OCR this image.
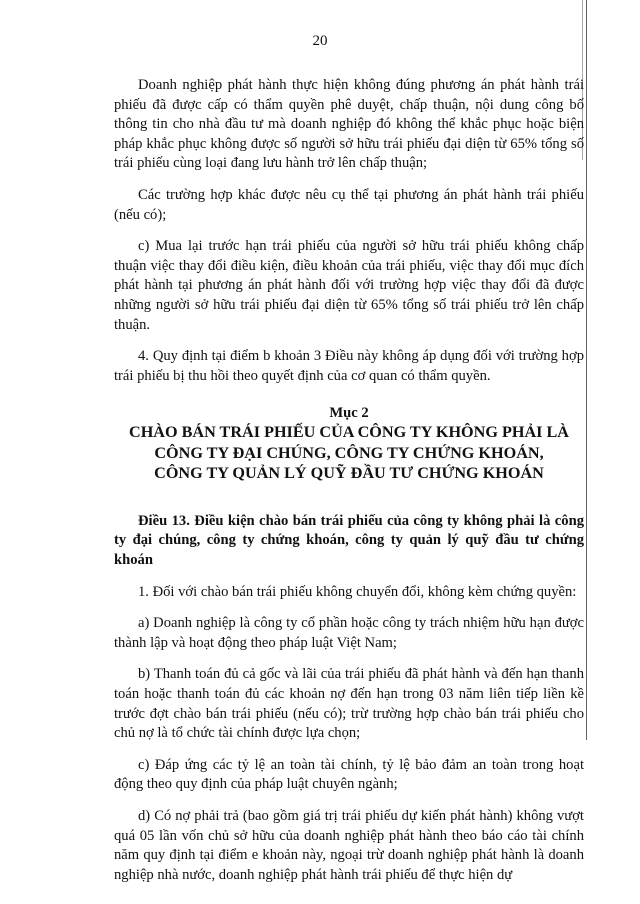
20

Doanh nghiệp phát hành thực hiện không đúng phương án phát hành trái phiếu đã được cấp có thẩm quyền phê duyệt, chấp thuận, nội dung công bố thông tin cho nhà đầu tư mà doanh nghiệp đó không thể khắc phục hoặc biện pháp khắc phục không được số người sở hữu trái phiếu đại diện từ 65% tổng số trái phiếu cùng loại đang lưu hành trở lên chấp thuận;

Các trường hợp khác được nêu cụ thể tại phương án phát hành trái phiếu (nếu có);

c) Mua lại trước hạn trái phiếu của người sở hữu trái phiếu không chấp thuận việc thay đổi điều kiện, điều khoản của trái phiếu, việc thay đổi mục đích phát hành tại phương án phát hành đối với trường hợp việc thay đổi đã được những người sở hữu trái phiếu đại diện từ 65% tổng số trái phiếu trở lên chấp thuận.

4. Quy định tại điểm b khoản 3 Điều này không áp dụng đối với trường hợp trái phiếu bị thu hồi theo quyết định của cơ quan có thẩm quyền.

Mục 2
CHÀO BÁN TRÁI PHIẾU CỦA CÔNG TY KHÔNG PHẢI LÀ
CÔNG TY ĐẠI CHÚNG, CÔNG TY CHỨNG KHOÁN,
CÔNG TY QUẢN LÝ QUỸ ĐẦU TƯ CHỨNG KHOÁN

Điều 13. Điều kiện chào bán trái phiếu của công ty không phải là công ty đại chúng, công ty chứng khoán, công ty quản lý quỹ đầu tư chứng khoán

1. Đối với chào bán trái phiếu không chuyển đổi, không kèm chứng quyền:

a) Doanh nghiệp là công ty cổ phần hoặc công ty trách nhiệm hữu hạn được thành lập và hoạt động theo pháp luật Việt Nam;

b) Thanh toán đủ cả gốc và lãi của trái phiếu đã phát hành và đến hạn thanh toán hoặc thanh toán đủ các khoản nợ đến hạn trong 03 năm liên tiếp liền kề trước đợt chào bán trái phiếu (nếu có); trừ trường hợp chào bán trái phiếu cho chủ nợ là tổ chức tài chính được lựa chọn;

c) Đáp ứng các tỷ lệ an toàn tài chính, tỷ lệ bảo đảm an toàn trong hoạt động theo quy định của pháp luật chuyên ngành;

d) Có nợ phải trả (bao gồm giá trị trái phiếu dự kiến phát hành) không vượt quá 05 lần vốn chủ sở hữu của doanh nghiệp phát hành theo báo cáo tài chính năm quy định tại điểm e khoản này, ngoại trừ doanh nghiệp phát hành là doanh nghiệp nhà nước, doanh nghiệp phát hành trái phiếu để thực hiện dự
